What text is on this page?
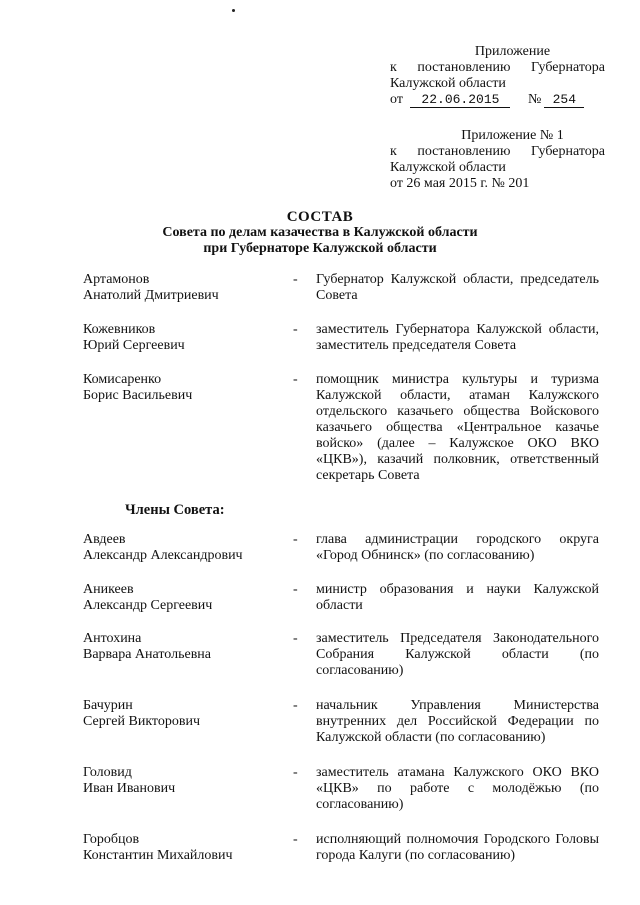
Приложение
к постановлению Губернатора
Калужской области
от 22.06.2015 № 254
Приложение № 1
к постановлению Губернатора
Калужской области
от 26 мая 2015 г. № 201
СОСТАВ
Совета по делам казачества в Калужской области
при Губернаторе Калужской области
Артамонов
Анатолий Дмитриевич
- Губернатор Калужской области, председатель Совета
Кожевников
Юрий Сергеевич
- заместитель Губернатора Калужской области, заместитель председателя Совета
Комисаренко
Борис Васильевич
- помощник министра культуры и туризма Калужской области, атаман Калужского отдельского казачьего общества Войскового казачьего общества «Центральное казачье войско» (далее – Калужское ОКО ВКО «ЦКВ»), казачий полковник, ответственный секретарь Совета
Члены Совета:
Авдеев
Александр Александрович
- глава администрации городского округа «Город Обнинск» (по согласованию)
Аникеев
Александр Сергеевич
- министр образования и науки Калужской области
Антохина
Варвара Анатольевна
- заместитель Председателя Законодательного Собрания Калужской области (по согласованию)
Бачурин
Сергей Викторович
- начальник Управления Министерства внутренних дел Российской Федерации по Калужской области (по согласованию)
Головид
Иван Иванович
- заместитель атамана Калужского ОКО ВКО «ЦКВ» по работе с молодёжью (по согласованию)
Горобцов
Константин Михайлович
- исполняющий полномочия Городского Головы города Калуги (по согласованию)
